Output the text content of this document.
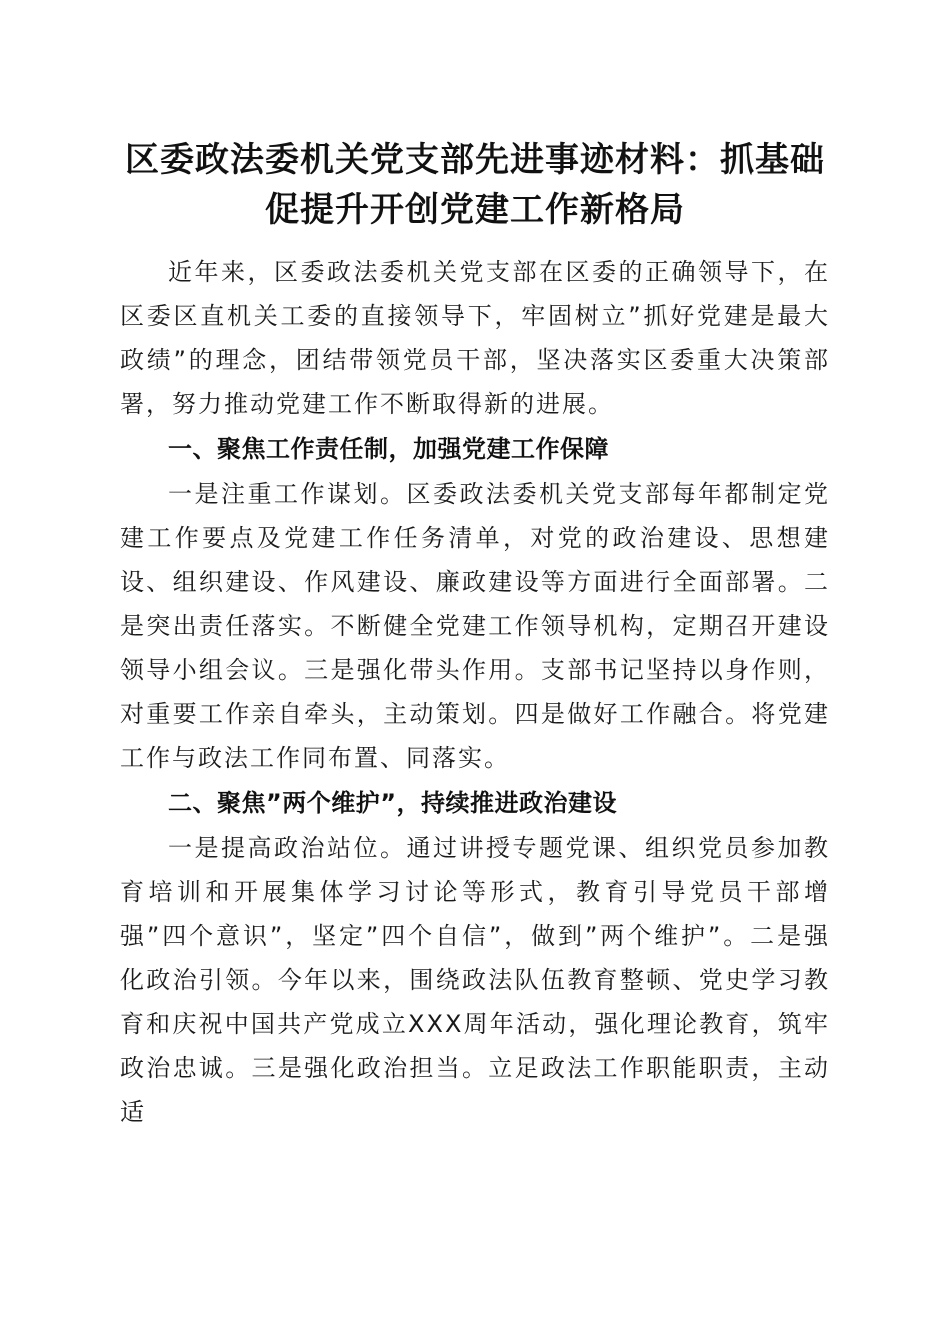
区委政法委机关党支部先进事迹材料：抓基础
促提升开创党建工作新格局

近年来，区委政法委机关党支部在区委的正确领导下，在区委区直机关工委的直接领导下，牢固树立”抓好党建是最大政绩”的理念，团结带领党员干部，坚决落实区委重大决策部署，努力推动党建工作不断取得新的进展。

一、聚焦工作责任制，加强党建工作保障

一是注重工作谋划。区委政法委机关党支部每年都制定党建工作要点及党建工作任务清单，对党的政治建设、思想建设、组织建设、作风建设、廉政建设等方面进行全面部署。二是突出责任落实。不断健全党建工作领导机构，定期召开建设领导小组会议。三是强化带头作用。支部书记坚持以身作则，对重要工作亲自牵头，主动策划。四是做好工作融合。将党建工作与政法工作同布置、同落实。

二、聚焦”两个维护”，持续推进政治建设

一是提高政治站位。通过讲授专题党课、组织党员参加教育培训和开展集体学习讨论等形式，教育引导党员干部增强”四个意识”，坚定”四个自信”，做到”两个维护”。二是强化政治引领。今年以来，围绕政法队伍教育整顿、党史学习教育和庆祝中国共产党成立XXX周年活动，强化理论教育，筑牢政治忠诚。三是强化政治担当。立足政法工作职能职责，主动适
